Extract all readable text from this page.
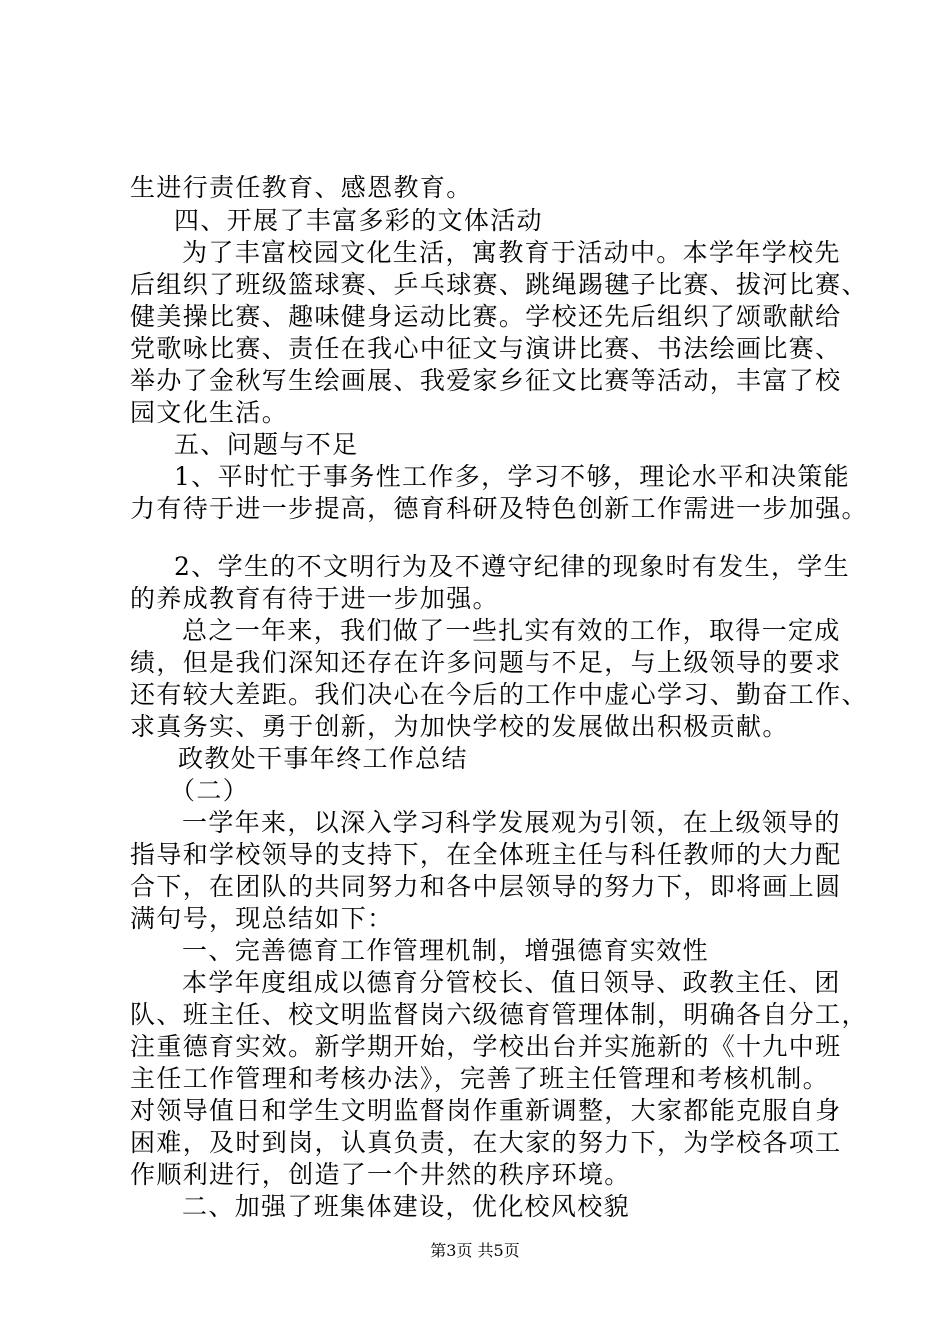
生进行责任教育、感恩教育。
四、开展了丰富多彩的文体活动
为了丰富校园文化生活，寓教育于活动中。本学年学校先
后组织了班级篮球赛、乒乓球赛、跳绳踢毽子比赛、拔河比赛、
健美操比赛、趣味健身运动比赛。学校还先后组织了颂歌献给
党歌咏比赛、责任在我心中征文与演讲比赛、书法绘画比赛、
举办了金秋写生绘画展、我爱家乡征文比赛等活动，丰富了校
园文化生活。
五、问题与不足
1、平时忙于事务性工作多，学习不够，理论水平和决策能
力有待于进一步提高，德育科研及特色创新工作需进一步加强。
2、学生的不文明行为及不遵守纪律的现象时有发生，学生
的养成教育有待于进一步加强。
总之一年来，我们做了一些扎实有效的工作，取得一定成
绩，但是我们深知还存在许多问题与不足，与上级领导的要求
还有较大差距。我们决心在今后的工作中虚心学习、勤奋工作、
求真务实、勇于创新，为加快学校的发展做出积极贡献。
政教处干事年终工作总结
（二）
一学年来，以深入学习科学发展观为引领，在上级领导的
指导和学校领导的支持下，在全体班主任与科任教师的大力配
合下，在团队的共同努力和各中层领导的努力下，即将画上圆
满句号，现总结如下：
一、完善德育工作管理机制，增强德育实效性
本学年度组成以德育分管校长、值日领导、政教主任、团
队、班主任、校文明监督岗六级德育管理体制，明确各自分工，
注重德育实效。新学期开始，学校出台并实施新的《十九中班
主任工作管理和考核办法》，完善了班主任管理和考核机制。
对领导值日和学生文明监督岗作重新调整，大家都能克服自身
困难，及时到岗，认真负责，在大家的努力下，为学校各项工
作顺利进行，创造了一个井然的秩序环境。
二、加强了班集体建设，优化校风校貌
第3页 共5页
